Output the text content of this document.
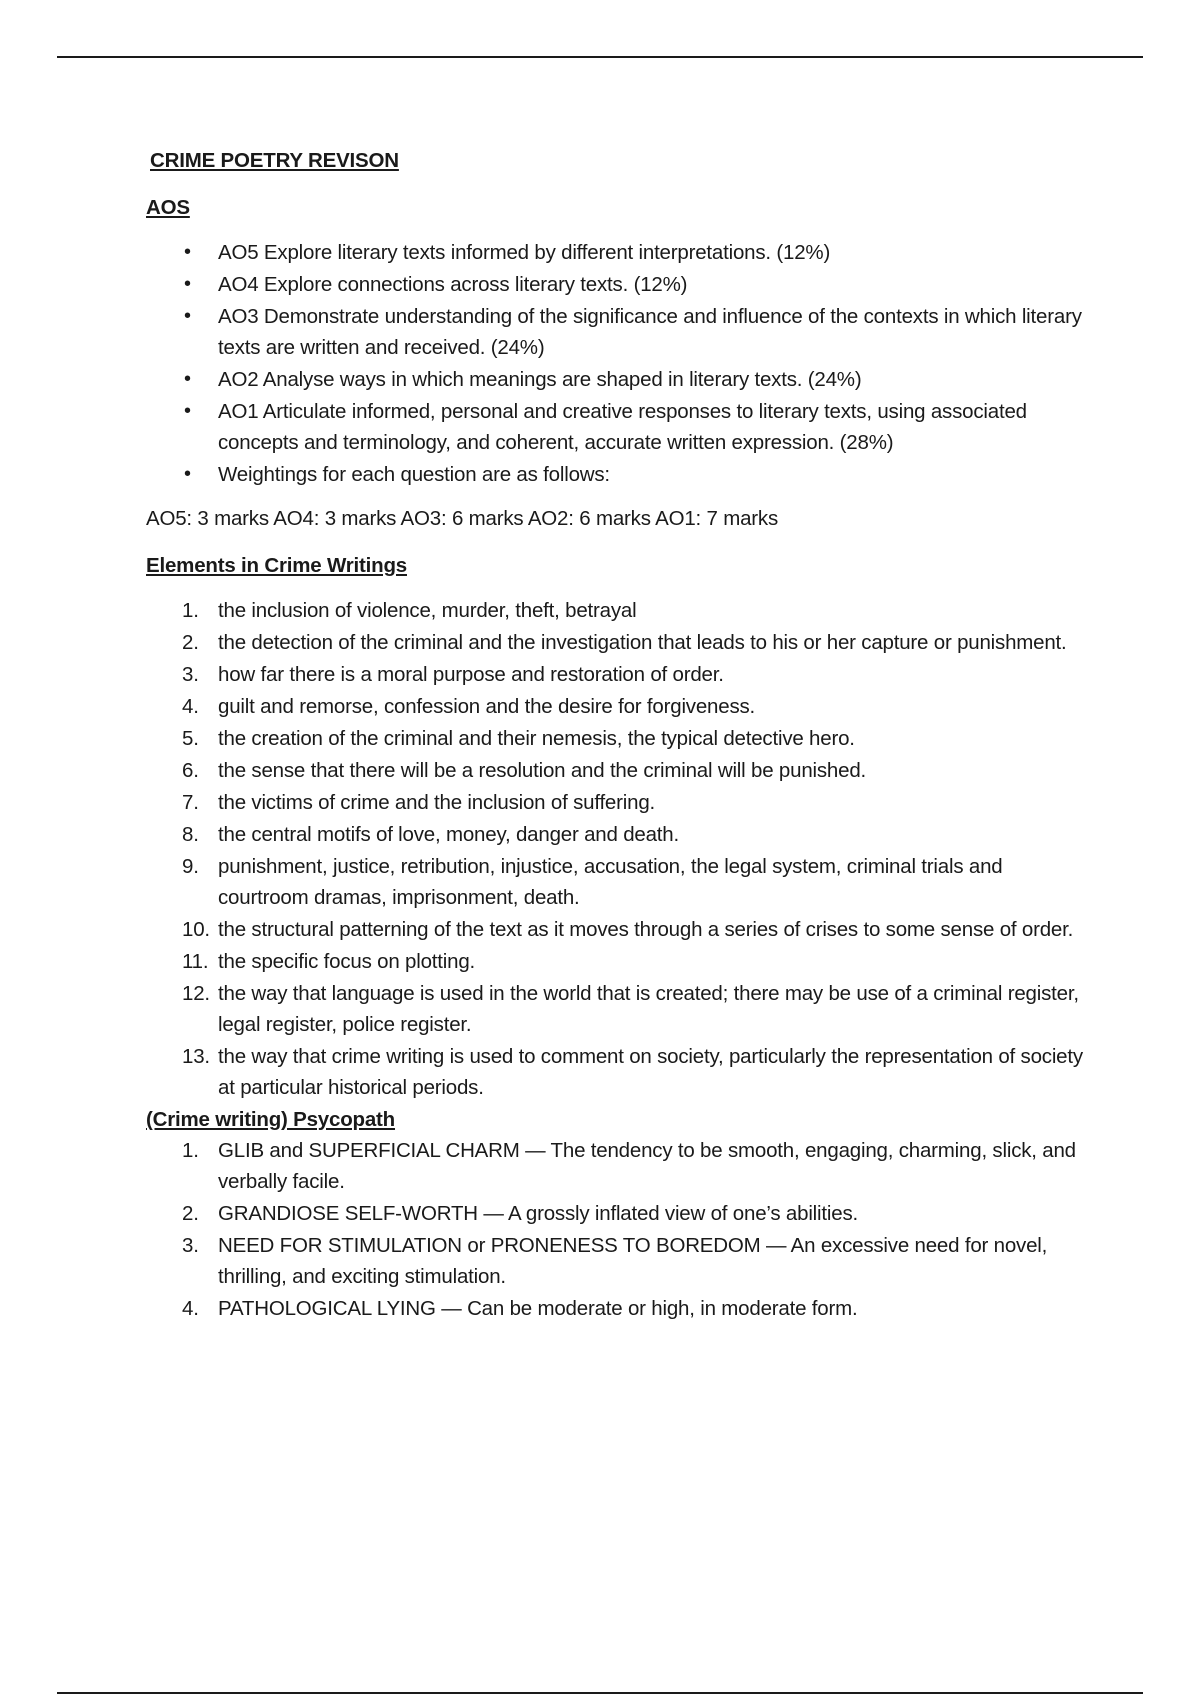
CRIME POETRY REVISON

AOS

• AO5 Explore literary texts informed by different interpretations. (12%)
• AO4 Explore connections across literary texts. (12%)
• AO3 Demonstrate understanding of the significance and influence of the contexts in which literary texts are written and received. (24%)
• AO2 Analyse ways in which meanings are shaped in literary texts. (24%)
• AO1 Articulate informed, personal and creative responses to literary texts, using associated concepts and terminology, and coherent, accurate written expression. (28%)
• Weightings for each question are as follows:

AO5: 3 marks AO4: 3 marks AO3: 6 marks AO2: 6 marks AO1: 7 marks

Elements in Crime Writings

1. the inclusion of violence, murder, theft, betrayal
2. the detection of the criminal and the investigation that leads to his or her capture or punishment.
3. how far there is a moral purpose and restoration of order.
4. guilt and remorse, confession and the desire for forgiveness.
5. the creation of the criminal and their nemesis, the typical detective hero.
6. the sense that there will be a resolution and the criminal will be punished.
7. the victims of crime and the inclusion of suffering.
8. the central motifs of love, money, danger and death.
9. punishment, justice, retribution, injustice, accusation, the legal system, criminal trials and courtroom dramas, imprisonment, death.
10. the structural patterning of the text as it moves through a series of crises to some sense of order.
11. the specific focus on plotting.
12. the way that language is used in the world that is created; there may be use of a criminal register, legal register, police register.
13. the way that crime writing is used to comment on society, particularly the representation of society at particular historical periods.

(Crime writing) Psycopath

1. GLIB and SUPERFICIAL CHARM — The tendency to be smooth, engaging, charming, slick, and verbally facile.
2. GRANDIOSE SELF-WORTH — A grossly inflated view of one’s abilities.
3. NEED FOR STIMULATION or PRONENESS TO BOREDOM — An excessive need for novel, thrilling, and exciting stimulation.
4. PATHOLOGICAL LYING — Can be moderate or high, in moderate form.
